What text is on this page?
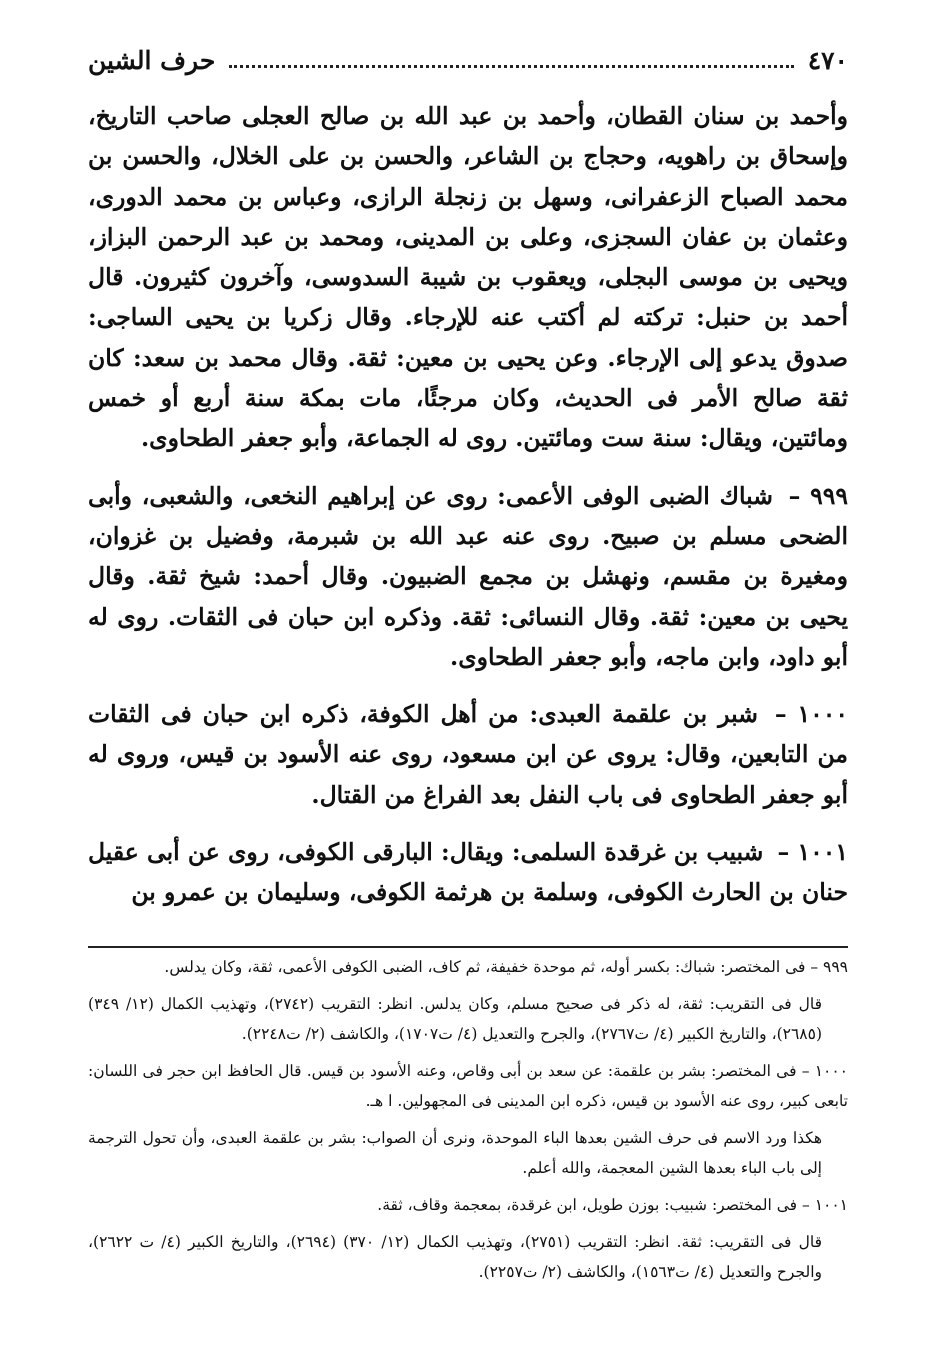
٤٧٠
حرف الشين

وأحمد بن سنان القطان، وأحمد بن عبد الله بن صالح العجلى صاحب التاريخ، وإسحاق بن راهويه، وحجاج بن الشاعر، والحسن بن على الخلال، والحسن بن محمد الصباح الزعفرانى، وسهل بن زنجلة الرازى، وعباس بن محمد الدورى، وعثمان بن عفان السجزى، وعلى بن المدينى، ومحمد بن عبد الرحمن البزاز، ويحيى بن موسى البجلى، ويعقوب بن شيبة السدوسى، وآخرون كثيرون. قال أحمد بن حنبل: تركته لم أكتب عنه للإرجاء. وقال زكريا بن يحيى الساجى: صدوق يدعو إلى الإرجاء. وعن يحيى بن معين: ثقة. وقال محمد بن سعد: كان ثقة صالح الأمر فى الحديث، وكان مرجئًا، مات بمكة سنة أربع أو خمس ومائتين، ويقال: سنة ست ومائتين. روى له الجماعة، وأبو جعفر الطحاوى.

٩٩٩ – شباك الضبى الوفى الأعمى: روى عن إبراهيم النخعى، والشعبى، وأبى الضحى مسلم بن صبيح. روى عنه عبد الله بن شبرمة، وفضيل بن غزوان، ومغيرة بن مقسم، ونهشل بن مجمع الضبيون. وقال أحمد: شيخ ثقة. وقال يحيى بن معين: ثقة. وقال النسائى: ثقة. وذكره ابن حبان فى الثقات. روى له أبو داود، وابن ماجه، وأبو جعفر الطحاوى.

١٠٠٠ – شبر بن علقمة العبدى: من أهل الكوفة، ذكره ابن حبان فى الثقات من التابعين، وقال: يروى عن ابن مسعود، روى عنه الأسود بن قيس، وروى له أبو جعفر الطحاوى فى باب النفل بعد الفراغ من القتال.

١٠٠١ – شبيب بن غرقدة السلمى: ويقال: البارقى الكوفى، روى عن أبى عقيل حنان بن الحارث الكوفى، وسلمة بن هرثمة الكوفى، وسليمان بن عمرو بن

٩٩٩ – فى المختصر: شباك: بكسر أوله، ثم موحدة خفيفة، ثم كاف، الضبى الكوفى الأعمى، ثقة، وكان يدلس.

قال فى التقريب: ثقة، له ذكر فى صحيح مسلم، وكان يدلس. انظر: التقريب (٢٧٤٢)، وتهذيب الكمال (١٢/ ٣٤٩) (٢٦٨٥)، والتاريخ الكبير (٤/ ت٢٧٦٧)، والجرح والتعديل (٤/ ت١٧٠٧)، والكاشف (٢/ ت٢٢٤٨).

١٠٠٠ – فى المختصر: بشر بن علقمة: عن سعد بن أبى وقاص، وعنه الأسود بن قيس. قال الحافظ ابن حجر فى اللسان: تابعى كبير، روى عنه الأسود بن قيس، ذكره ابن المدينى فى المجهولين. ا هـ.

هكذا ورد الاسم فى حرف الشين بعدها الباء الموحدة، ونرى أن الصواب: بشر بن علقمة العبدى، وأن تحول الترجمة إلى باب الباء بعدها الشين المعجمة، والله أعلم.

١٠٠١ – فى المختصر: شبيب: بوزن طويل، ابن غرقدة، بمعجمة وقاف، ثقة.

قال فى التقريب: ثقة. انظر: التقريب (٢٧٥١)، وتهذيب الكمال (١٢/ ٣٧٠) (٢٦٩٤)، والتاريخ الكبير (٤/ ت ٢٦٢٢)، والجرح والتعديل (٤/ ت١٥٦٣)، والكاشف (٢/ ت٢٢٥٧).
